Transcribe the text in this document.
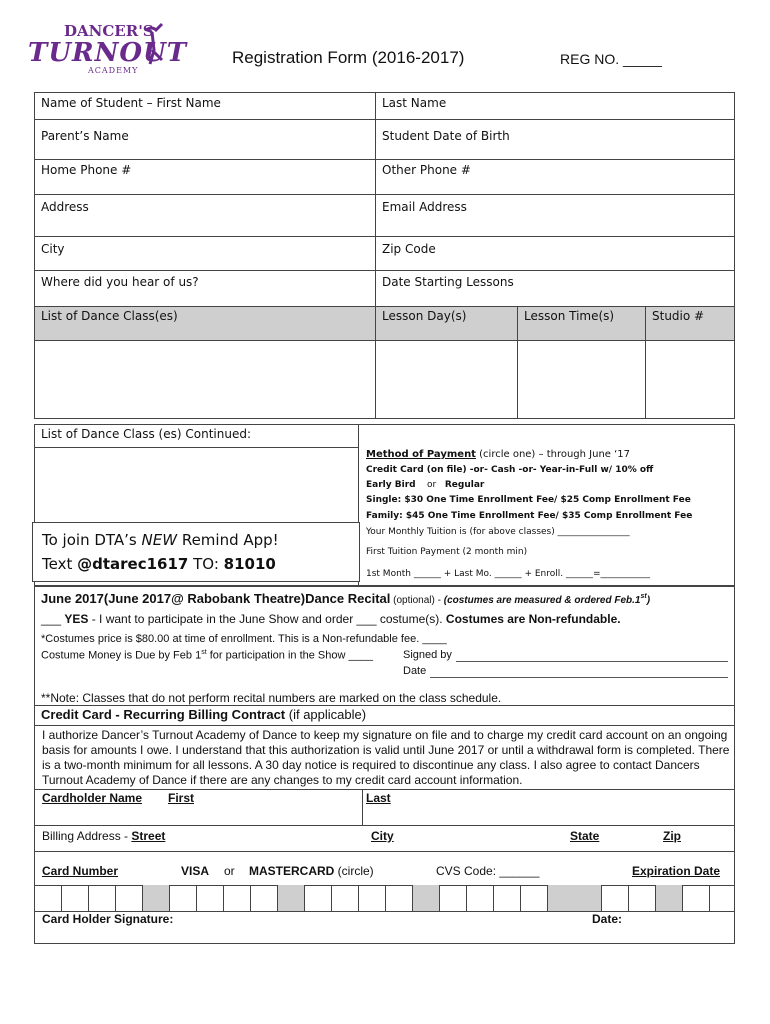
DANCER'S
TURNOUT
ACADEMY
Registration Form (2016-2017)	REG NO. _____
Name of Student – First Name	Last Name
Parent’s Name	Student Date of Birth
Home Phone #	Other Phone #
Address	Email Address
City	Zip Code
Where did you hear of us?	Date Starting Lessons
List of Dance Class(es)	Lesson Day(s)	Lesson Time(s)	Studio #
List of Dance Class (es) Continued:
Method of Payment (circle one) – through June ‘17
Credit Card (on file) -or- Cash -or- Year-in-Full w/ 10% off
Early Bird or Regular
Single: $30 One Time Enrollment Fee/ $25 Comp Enrollment Fee
Family: $45 One Time Enrollment Fee/ $35 Comp Enrollment Fee
Your Monthly Tuition is (for above classes) ________________
First Tuition Payment (2 month min)
1st Month ______ + Last Mo. ______ + Enroll. ______=___________
To join DTA’s NEW Remind App!
Text @dtarec1617 TO: 81010
June 2017(June 2017@ Rabobank Theatre)Dance Recital (optional) - (costumes are measured & ordered Feb.1st)
___ YES - I want to participate in the June Show and order ___ costume(s). Costumes are Non-refundable.
*Costumes price is $80.00 at time of enrollment. This is a Non-refundable fee. ____
Costume Money is Due by Feb 1st for participation in the Show ____	Signed by
Date
**Note: Classes that do not perform recital numbers are marked on the class schedule.
Credit Card - Recurring Billing Contract (if applicable)
I authorize Dancer’s Turnout Academy of Dance to keep my signature on file and to charge my credit card account on an ongoing basis for amounts I owe. I understand that this authorization is valid until June 2017 or until a withdrawal form is completed. There is a two-month minimum for all lessons. A 30 day notice is required to discontinue any class. I also agree to contact Dancers Turnout Academy of Dance if there are any changes to my credit card account information.
Cardholder Name First	Last
Billing Address - Street	City	State	Zip
Card Number	VISA or MASTERCARD (circle)	CVS Code: ______	Expiration Date
Card Holder Signature:	Date:
